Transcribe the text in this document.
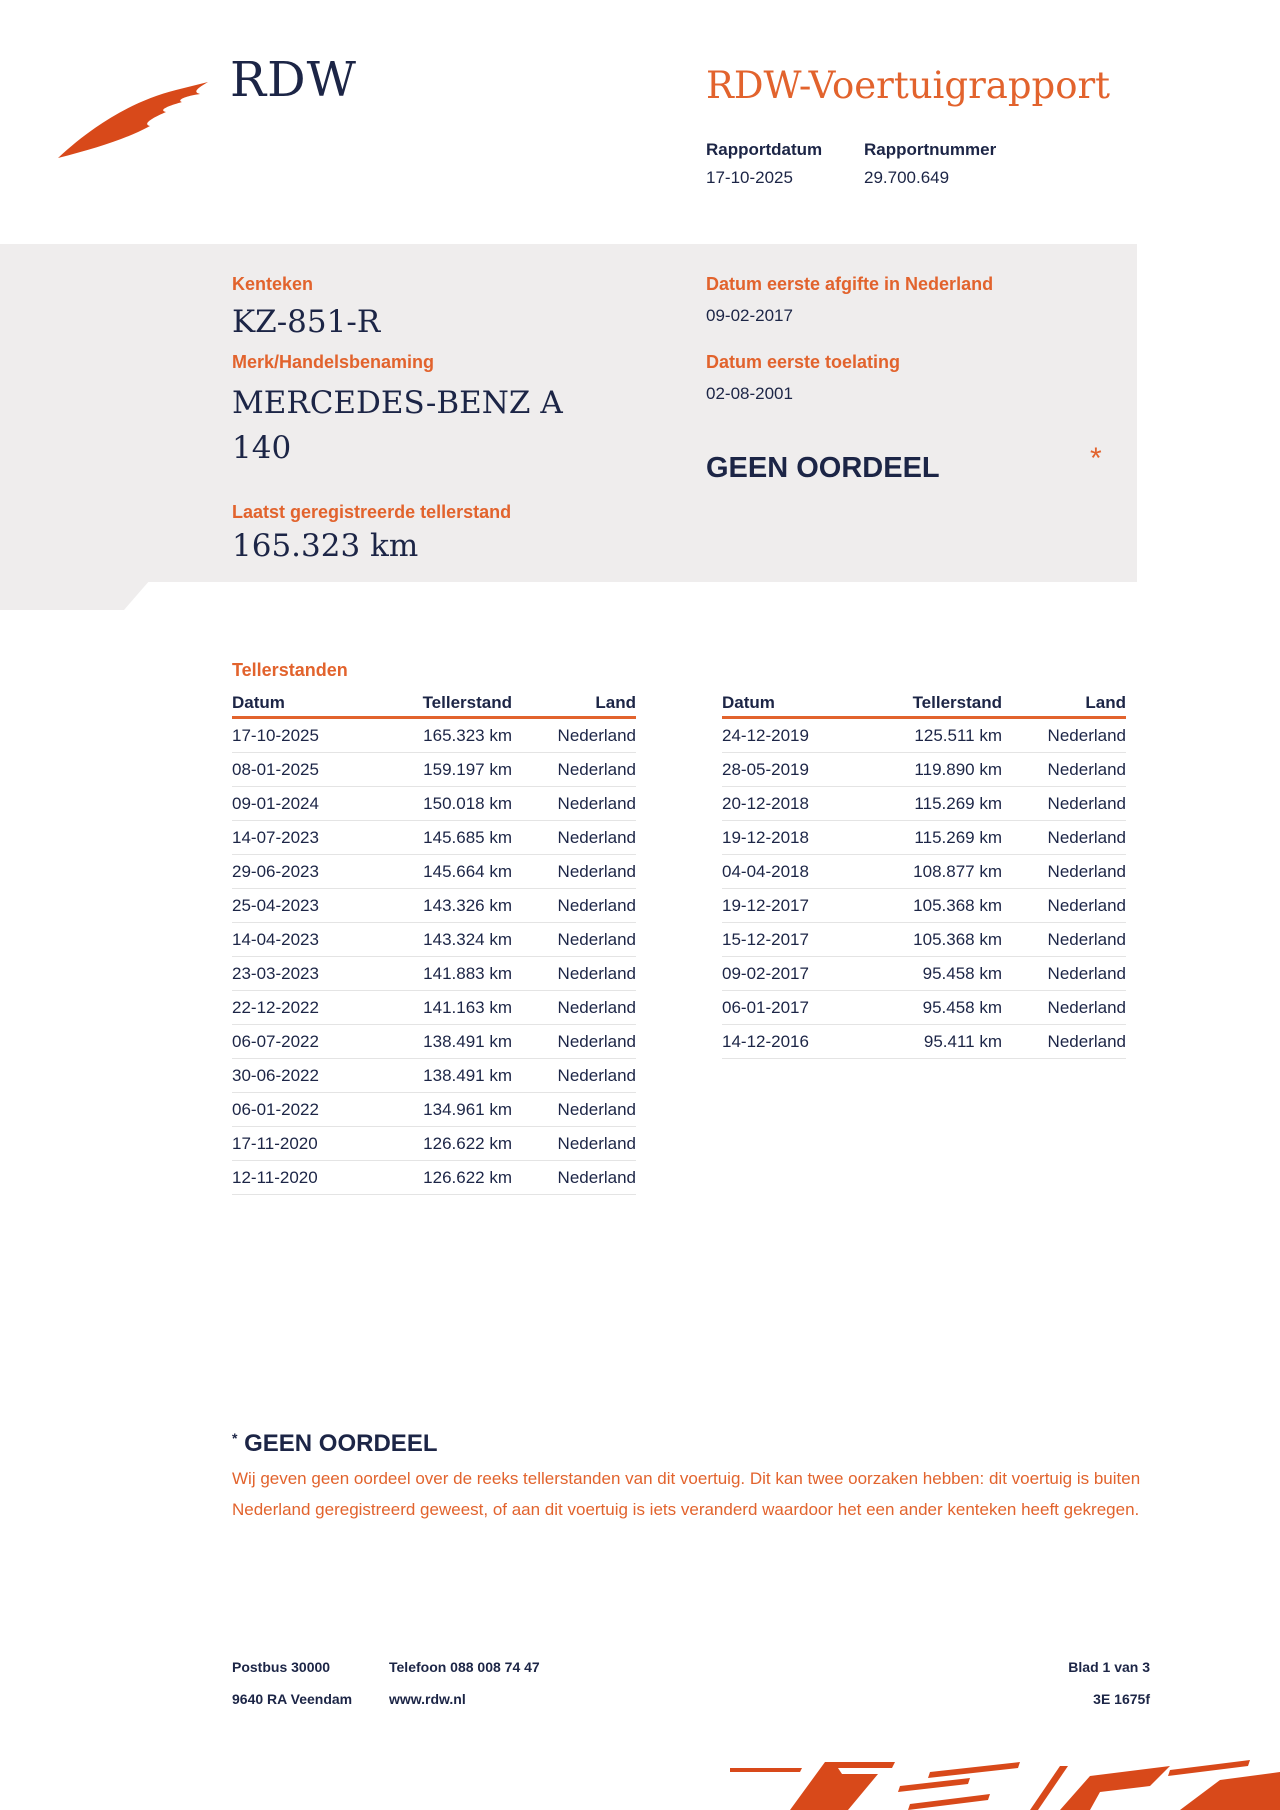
RDW	RDW-Voertuigrapport
Rapportdatum
17-10-2025
Rapportnummer
29.700.649
Kenteken
KZ-851-R
Merk/Handelsbenaming
MERCEDES-BENZ A
140
Laatst geregistreerde tellerstand
165.323 km
Datum eerste afgifte in Nederland
09-02-2017
Datum eerste toelating
02-08-2001
GEEN OORDEEL	*
Tellerstanden
Datum	Tellerstand	Land
17-10-2025	165.323 km	Nederland
08-01-2025	159.197 km	Nederland
09-01-2024	150.018 km	Nederland
14-07-2023	145.685 km	Nederland
29-06-2023	145.664 km	Nederland
25-04-2023	143.326 km	Nederland
14-04-2023	143.324 km	Nederland
23-03-2023	141.883 km	Nederland
22-12-2022	141.163 km	Nederland
06-07-2022	138.491 km	Nederland
30-06-2022	138.491 km	Nederland
06-01-2022	134.961 km	Nederland
17-11-2020	126.622 km	Nederland
12-11-2020	126.622 km	Nederland
Datum	Tellerstand	Land
24-12-2019	125.511 km	Nederland
28-05-2019	119.890 km	Nederland
20-12-2018	115.269 km	Nederland
19-12-2018	115.269 km	Nederland
04-04-2018	108.877 km	Nederland
19-12-2017	105.368 km	Nederland
15-12-2017	105.368 km	Nederland
09-02-2017	95.458 km	Nederland
06-01-2017	95.458 km	Nederland
14-12-2016	95.411 km	Nederland
* GEEN OORDEEL
Wij geven geen oordeel over de reeks tellerstanden van dit voertuig. Dit kan twee oorzaken hebben: dit voertuig is buiten Nederland geregistreerd geweest, of aan dit voertuig is iets veranderd waardoor het een ander kenteken heeft gekregen.
Postbus 30000
9640 RA Veendam
Telefoon 088 008 74 47
www.rdw.nl
Blad 1 van 3
3E 1675f
